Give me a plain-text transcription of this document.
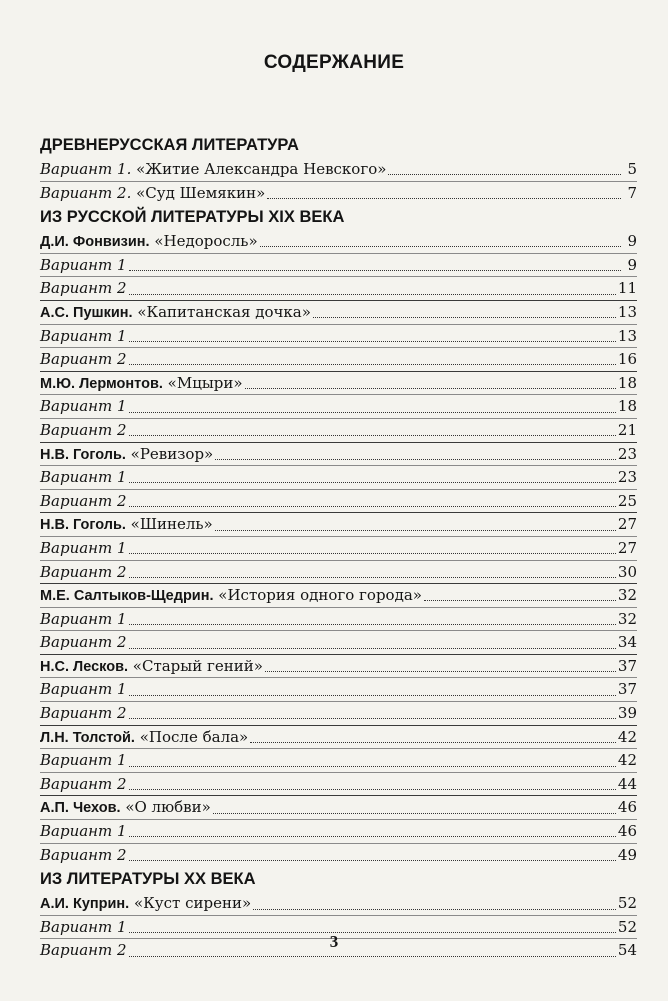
СОДЕРЖАНИЕ
ДРЕВНЕРУССКАЯ ЛИТЕРАТУРА
Вариант 1. «Житие Александра Невского»	5
Вариант 2. «Суд Шемякин»	7
ИЗ РУССКОЙ ЛИТЕРАТУРЫ XIX ВЕКА
Д.И. Фонвизин. «Недоросль»	9
Вариант 1	9
Вариант 2	11
А.С. Пушкин. «Капитанская дочка»	13
Вариант 1	13
Вариант 2	16
М.Ю. Лермонтов. «Мцыри»	18
Вариант 1	18
Вариант 2	21
Н.В. Гоголь. «Ревизор»	23
Вариант 1	23
Вариант 2	25
Н.В. Гоголь. «Шинель»	27
Вариант 1	27
Вариант 2	30
М.Е. Салтыков-Щедрин. «История одного города»	32
Вариант 1	32
Вариант 2	34
Н.С. Лесков. «Старый гений»	37
Вариант 1	37
Вариант 2	39
Л.Н. Толстой. «После бала»	42
Вариант 1	42
Вариант 2	44
А.П. Чехов. «О любви»	46
Вариант 1	46
Вариант 2	49
ИЗ ЛИТЕРАТУРЫ XX ВЕКА
А.И. Куприн. «Куст сирени»	52
Вариант 1	52
Вариант 2	54
3
